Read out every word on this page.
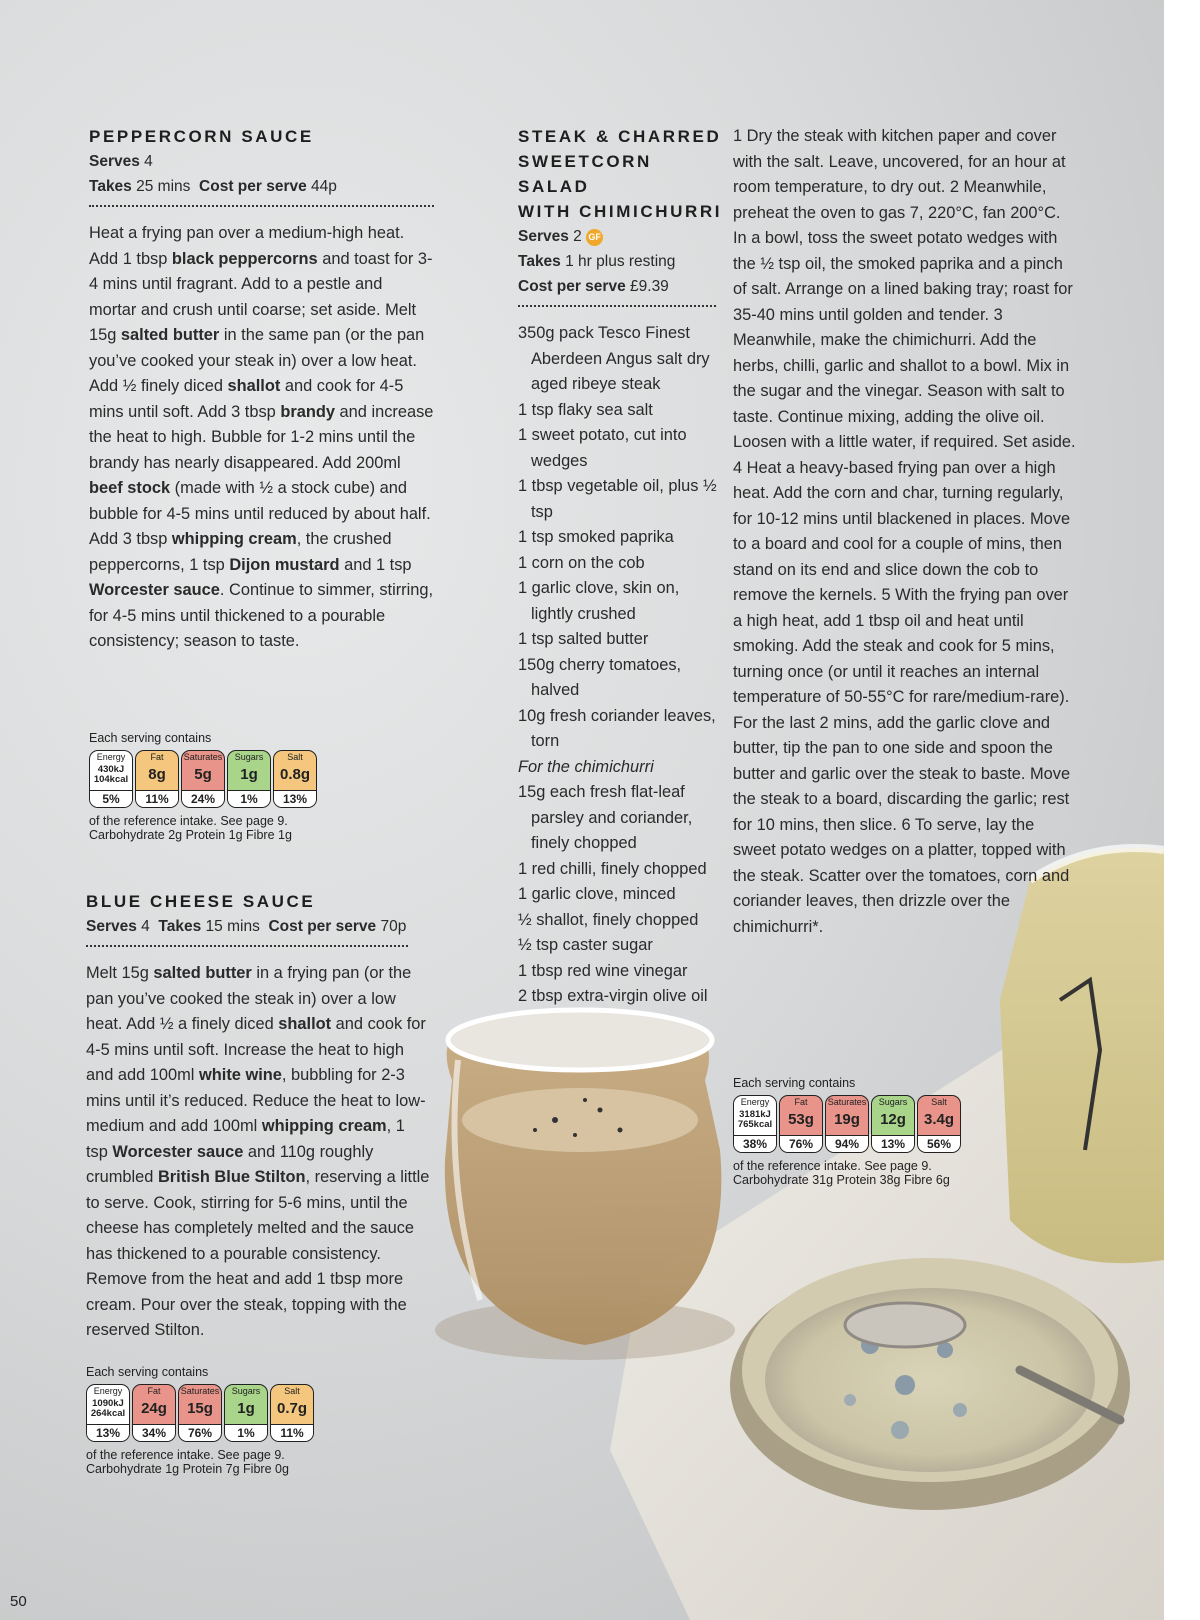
PEPPERCORN SAUCE
Serves 4
Takes 25 mins Cost per serve 44p
Heat a frying pan over a medium-high heat. Add 1 tbsp black peppercorns and toast for 3-4 mins until fragrant. Add to a pestle and mortar and crush until coarse; set aside. Melt 15g salted butter in the same pan (or the pan you’ve cooked your steak in) over a low heat. Add ½ finely diced shallot and cook for 4-5 mins until soft. Add 3 tbsp brandy and increase the heat to high. Bubble for 1-2 mins until the brandy has nearly disappeared. Add 200ml beef stock (made with ½ a stock cube) and bubble for 4-5 mins until reduced by about half. Add 3 tbsp whipping cream, the crushed peppercorns, 1 tsp Dijon mustard and 1 tsp Worcester sauce. Continue to simmer, stirring, for 4-5 mins until thickened to a pourable consistency; season to taste.
Each serving contains
Energy
430kJ
104kcal
5%
Fat
8g
11%
Saturates
5g
24%
Sugars
1g
1%
Salt
0.8g
13%
of the reference intake. See page 9.
Carbohydrate 2g Protein 1g Fibre 1g
BLUE CHEESE SAUCE
Serves 4 Takes 15 mins Cost per serve 70p
Melt 15g salted butter in a frying pan (or the pan you’ve cooked the steak in) over a low heat. Add ½ a finely diced shallot and cook for 4-5 mins until soft. Increase the heat to high and add 100ml white wine, bubbling for 2-3 mins until it’s reduced. Reduce the heat to low-medium and add 100ml whipping cream, 1 tsp Worcester sauce and 110g roughly crumbled British Blue Stilton, reserving a little to serve. Cook, stirring for 5-6 mins, until the cheese has completely melted and the sauce has thickened to a pourable consistency. Remove from the heat and add 1 tbsp more cream. Pour over the steak, topping with the reserved Stilton.
Each serving contains
Energy
1090kJ
264kcal
13%
Fat
24g
34%
Saturates
15g
76%
Sugars
1g
1%
Salt
0.7g
11%
of the reference intake. See page 9.
Carbohydrate 1g Protein 7g Fibre 0g
STEAK & CHARRED
SWEETCORN SALAD
WITH CHIMICHURRI
Serves 2 GF
Takes 1 hr plus resting
Cost per serve £9.39
350g pack Tesco Finest Aberdeen Angus salt dry aged ribeye steak
1 tsp flaky sea salt
1 sweet potato, cut into wedges
1 tbsp vegetable oil, plus ½ tsp
1 tsp smoked paprika
1 corn on the cob
1 garlic clove, skin on, lightly crushed
1 tsp salted butter
150g cherry tomatoes, halved
10g fresh coriander leaves, torn
For the chimichurri
15g each fresh flat-leaf parsley and coriander, finely chopped
1 red chilli, finely chopped
1 garlic clove, minced
½ shallot, finely chopped
½ tsp caster sugar
1 tbsp red wine vinegar
2 tbsp extra-virgin olive oil
1 Dry the steak with kitchen paper and cover with the salt. Leave, uncovered, for an hour at room temperature, to dry out. 2 Meanwhile, preheat the oven to gas 7, 220°C, fan 200°C. In a bowl, toss the sweet potato wedges with the ½ tsp oil, the smoked paprika and a pinch of salt. Arrange on a lined baking tray; roast for 35-40 mins until golden and tender. 3 Meanwhile, make the chimichurri. Add the herbs, chilli, garlic and shallot to a bowl. Mix in the sugar and the vinegar. Season with salt to taste. Continue mixing, adding the olive oil. Loosen with a little water, if required. Set aside. 4 Heat a heavy-based frying pan over a high heat. Add the corn and char, turning regularly, for 10-12 mins until blackened in places. Move to a board and cool for a couple of mins, then stand on its end and slice down the cob to remove the kernels. 5 With the frying pan over a high heat, add 1 tbsp oil and heat until smoking. Add the steak and cook for 5 mins, turning once (or until it reaches an internal temperature of 50-55°C for rare/medium-rare). For the last 2 mins, add the garlic clove and butter, tip the pan to one side and spoon the butter and garlic over the steak to baste. Move the steak to a board, discarding the garlic; rest for 10 mins, then slice. 6 To serve, lay the sweet potato wedges on a platter, topped with the steak. Scatter over the tomatoes, corn and coriander leaves, then drizzle over the chimichurri*.
Each serving contains
Energy
3181kJ
765kcal
38%
Fat
53g
76%
Saturates
19g
94%
Sugars
12g
13%
Salt
3.4g
56%
of the reference intake. See page 9.
Carbohydrate 31g Protein 38g Fibre 6g
50
